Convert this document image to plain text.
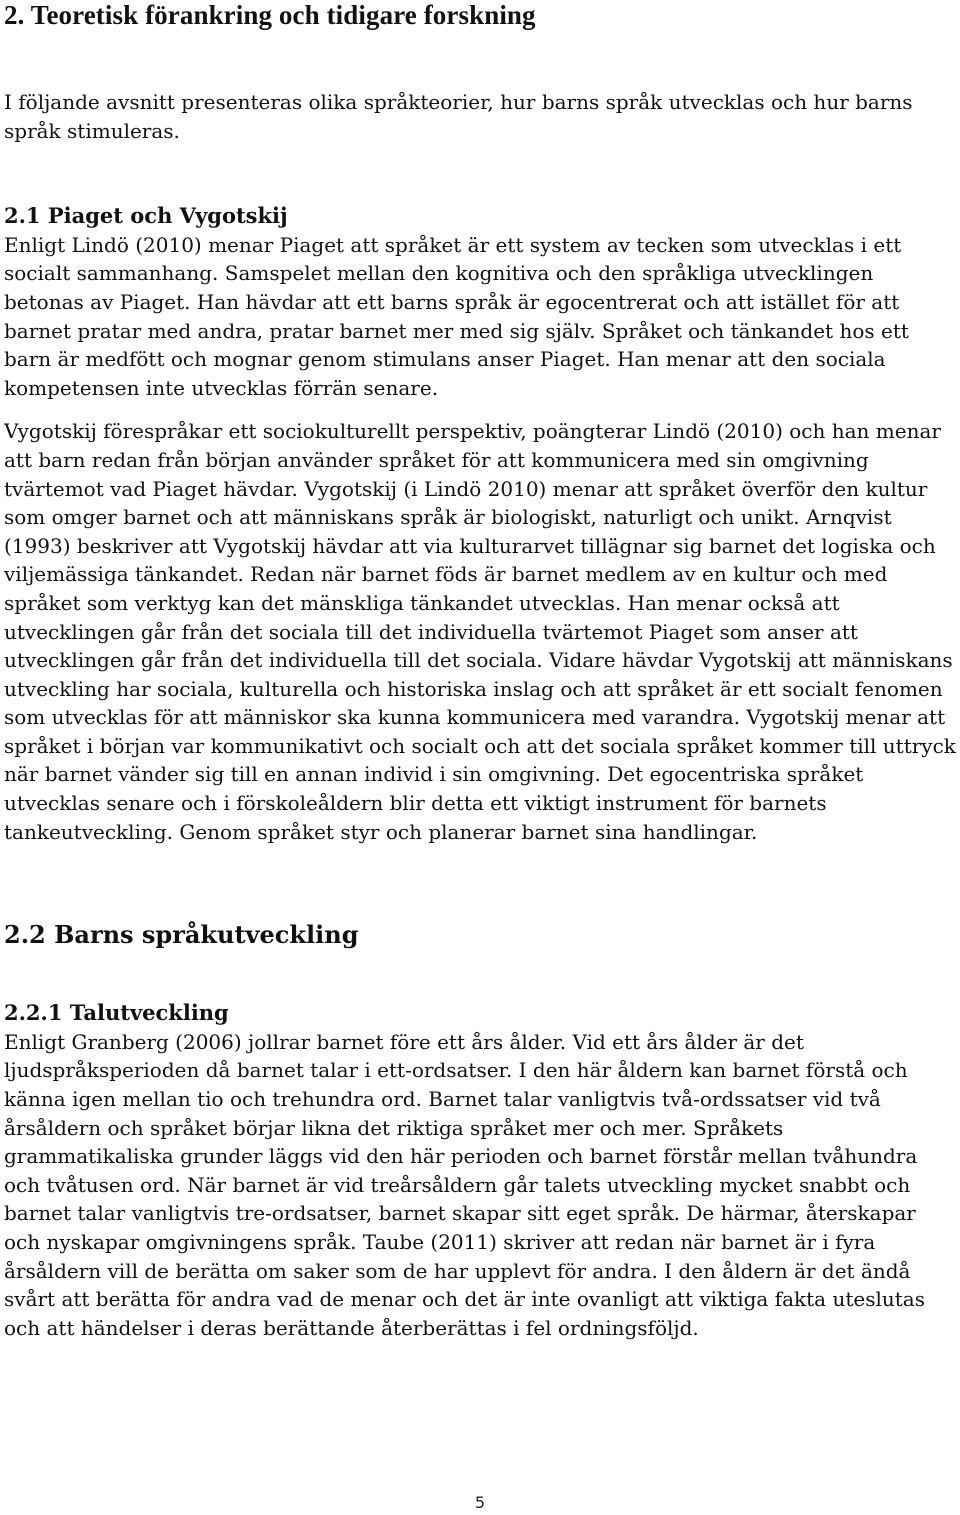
2. Teoretisk förankring och tidigare forskning

I följande avsnitt presenteras olika språkteorier, hur barns språk utvecklas och hur barns språk stimuleras.

2.1 Piaget och Vygotskij

Enligt Lindö (2010) menar Piaget att språket är ett system av tecken som utvecklas i ett socialt sammanhang. Samspelet mellan den kognitiva och den språkliga utvecklingen betonas av Piaget. Han hävdar att ett barns språk är egocentrerat och att istället för att barnet pratar med andra, pratar barnet mer med sig själv. Språket och tänkandet hos ett barn är medfött och mognar genom stimulans anser Piaget. Han menar att den sociala kompetensen inte utvecklas förrän senare.

Vygotskij förespråkar ett sociokulturellt perspektiv, poängterar Lindö (2010) och han menar att barn redan från början använder språket för att kommunicera med sin omgivning tvärtemot vad Piaget hävdar. Vygotskij (i Lindö 2010) menar att språket överför den kultur som omger barnet och att människans språk är biologiskt, naturligt och unikt. Arnqvist (1993) beskriver att Vygotskij hävdar att via kulturarvet tillägnar sig barnet det logiska och viljemässiga tänkandet. Redan när barnet föds är barnet medlem av en kultur och med språket som verktyg kan det mänskliga tänkandet utvecklas. Han menar också att utvecklingen går från det sociala till det individuella tvärtemot Piaget som anser att utvecklingen går från det individuella till det sociala. Vidare hävdar Vygotskij att människans utveckling har sociala, kulturella och historiska inslag och att språket är ett socialt fenomen som utvecklas för att människor ska kunna kommunicera med varandra. Vygotskij menar att språket i början var kommunikativt och socialt och att det sociala språket kommer till uttryck när barnet vänder sig till en annan individ i sin omgivning. Det egocentriska språket utvecklas senare och i förskoleåldern blir detta ett viktigt instrument för barnets tankeutveckling. Genom språket styr och planerar barnet sina handlingar.

2.2 Barns språkutveckling
2.2.1 Talutveckling

Enligt Granberg (2006) jollrar barnet före ett års ålder. Vid ett års ålder är det ljudspråksperioden då barnet talar i ett-ordsatser. I den här åldern kan barnet förstå och känna igen mellan tio och trehundra ord. Barnet talar vanligtvis två-ordssatser vid två årsåldern och språket börjar likna det riktiga språket mer och mer. Språkets grammatikaliska grunder läggs vid den här perioden och barnet förstår mellan tvåhundra och tvåtusen ord. När barnet är vid treårsåldern går talets utveckling mycket snabbt och barnet talar vanligtvis tre-ordsatser, barnet skapar sitt eget språk. De härmar, återskapar och nyskapar omgivningens språk. Taube (2011) skriver att redan när barnet är i fyra årsåldern vill de berätta om saker som de har upplevt för andra. I den åldern är det ändå svårt att berätta för andra vad de menar och det är inte ovanligt att viktiga fakta uteslutas och att händelser i deras berättande återberättas i fel ordningsföljd.

5
